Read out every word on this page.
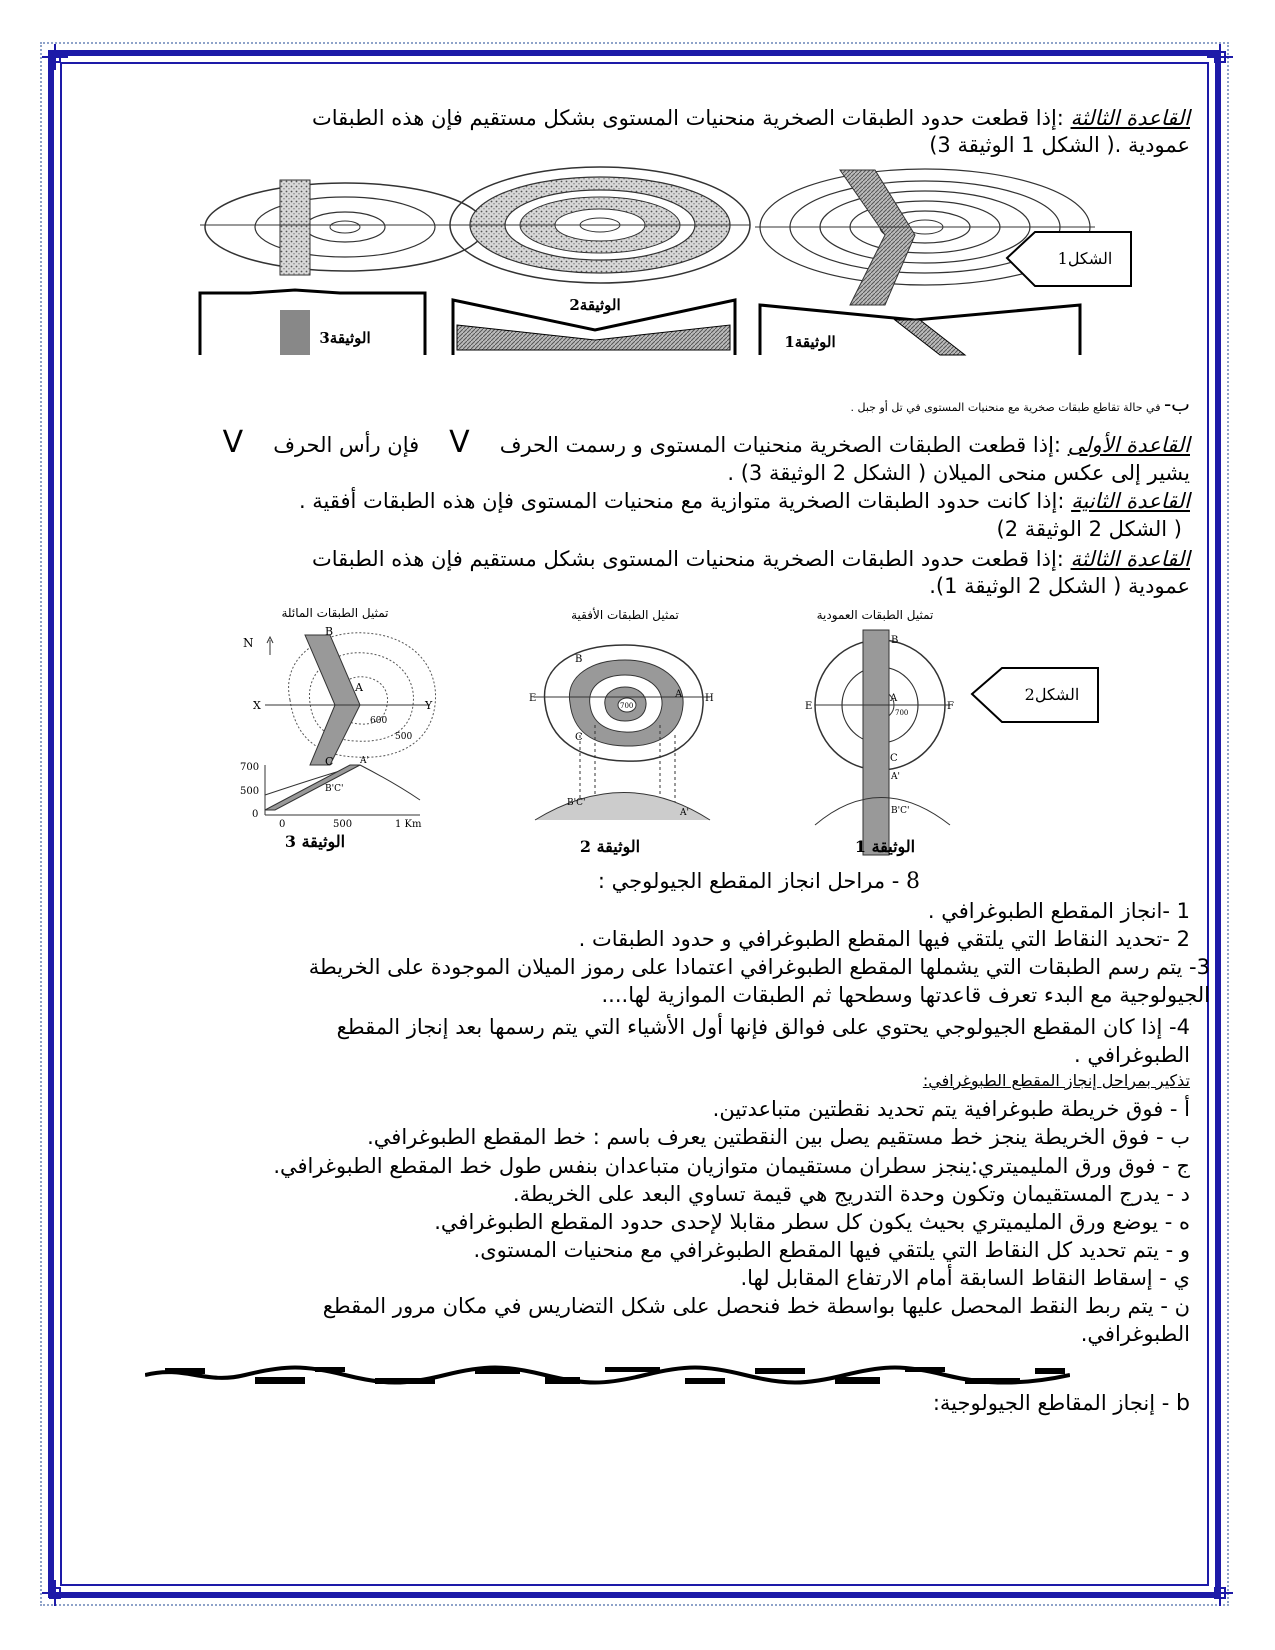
القاعدة الثالثة :إذا قطعت حدود الطبقات الصخرية منحنيات المستوى بشكل مستقيم فإن هذه الطبقات
عمودية .( الشكل 1 الوثيقة 3)
ب- في حالة تقاطع طبقات صخرية مع منحنيات المستوى في تل أو جبل .
القاعدة الأولى :إذا قطعت الطبقات الصخرية منحنيات المستوى و رسمت الحرفVفإن رأس الحرفV
يشير إلى عكس منحى الميلان ( الشكل 2 الوثيقة 3) .
القاعدة الثانية :إذا كانت حدود الطبقات الصخرية متوازية مع منحنيات المستوى فإن هذه الطبقات أفقية .
( الشكل 2 الوثيقة 2)
القاعدة الثالثة :إذا قطعت حدود الطبقات الصخرية منحنيات المستوى بشكل مستقيم فإن هذه الطبقات
عمودية ( الشكل 2 الوثيقة 1).
8 - مراحل انجاز المقطع الجيولوجي :
1 -انجاز المقطع الطبوغرافي .
2 -تحديد النقاط التي يلتقي فيها المقطع الطبوغرافي و حدود الطبقات .
3- يتم رسم الطبقات التي يشملها المقطع الطبوغرافي اعتمادا على رموز الميلان الموجودة على الخريطة
الجيولوجية مع البدء تعرف قاعدتها وسطحها ثم الطبقات الموازية لها....
4- إذا كان المقطع الجيولوجي يحتوي على فوالق فإنها أول الأشياء التي يتم رسمها بعد إنجاز المقطع
الطبوغرافي .
تذكير بمراحل إنجاز المقطع الطبوغرافي:
أ - فوق خريطة طبوغرافية يتم تحديد نقطتين متباعدتين.
ب - فوق الخريطة ينجز خط مستقيم يصل بين النقطتين يعرف باسم : خط المقطع الطبوغرافي.
ج - فوق ورق المليميتري:ينجز سطران مستقيمان متوازيان متباعدان بنفس طول خط المقطع الطبوغرافي.
د - يدرج المستقيمان وتكون وحدة التدريج هي قيمة تساوي البعد على الخريطة.
ه - يوضع ورق المليميتري بحيث يكون كل سطر مقابلا لإحدى حدود المقطع الطبوغرافي.
و - يتم تحديد كل النقاط التي يلتقي فيها المقطع الطبوغرافي مع منحنيات المستوى.
ي - إسقاط النقاط السابقة أمام الارتفاع المقابل لها.
ن - يتم ربط النقط المحصل عليها بواسطة خط فنحصل على شكل التضاريس في مكان مرور المقطع
الطبوغرافي.
b - إنجاز المقاطع الجيولوجية:
الوثيقة3
الوثيقة2
الوثيقة1
الشكل1
تمثيل الطبقات المائلة	تمثيل الطبقات الأفقية	تمثيل الطبقات العمودية
N
X	Y
B
A
C
600
500
700
500
0
B'C'
A'
0	500	1 Km
E	H
B
A
C
700
B'C'
A'
E	F
B
A
C
A'
B'C'
700
الوثيقة 3	الوثيقة 2	الوثيقة 1
الشكل2
